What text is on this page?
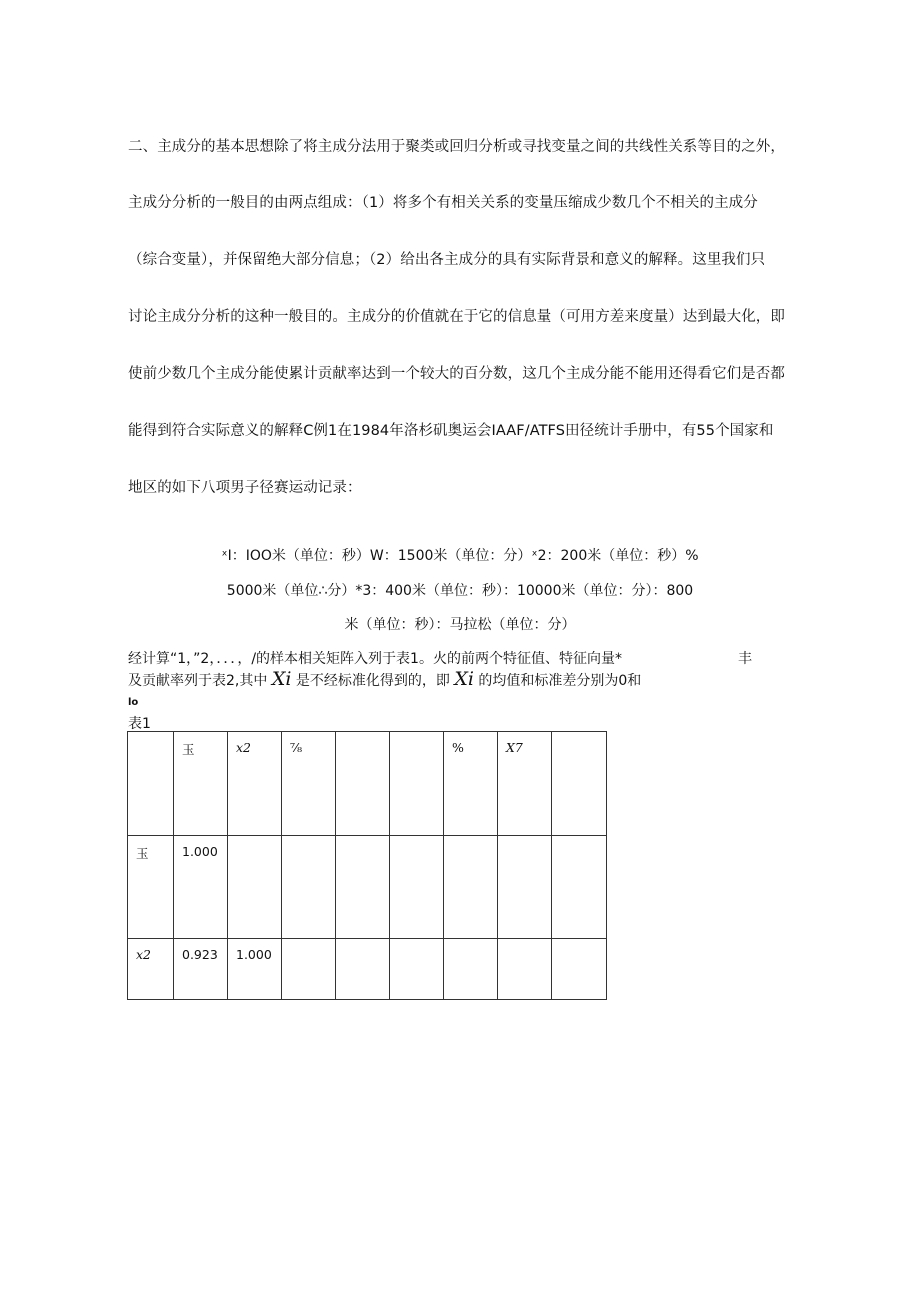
二、主成分的基本思想除了将主成分法用于聚类或回归分析或寻找变量之间的共线性关系等目的之外，
主成分分析的一般目的由两点组成：（1）将多个有相关关系的变量压缩成少数几个不相关的主成分
（综合变量），并保留绝大部分信息；（2）给出各主成分的具有实际背景和意义的解释。这里我们只
讨论主成分分析的这种一般目的。主成分的价值就在于它的信息量（可用方差来度量）达到最大化，即
使前少数几个主成分能使累计贡献率达到一个较大的百分数，这几个主成分能不能用还得看它们是否都
能得到符合实际意义的解释C例1在1984年洛杉矶奥运会IAAF/ATFS田径统计手册中，有55个国家和
地区的如下八项男子径赛运动记录：
ˣI：IOO米（单位：秒）W：1500米（单位：分）ˣ2：200米（单位：秒）%
5000米（单位∴分）*3：400米（单位：秒）：10000米（单位：分）：800
米（单位：秒）：马拉松（单位：分）
经计算“1，”2，．．．，/的样本相关矩阵入列于表1。火的前两个特征值、特征向量*	丰
及贡献率列于表2,其中 Xi 是不经标准化得到的，即 Xi 的均值和标准差分别为0和
lo
表1
	玉	x2	⅞			%	X7	
玉	1.000							
x2	0.923	1.000						
